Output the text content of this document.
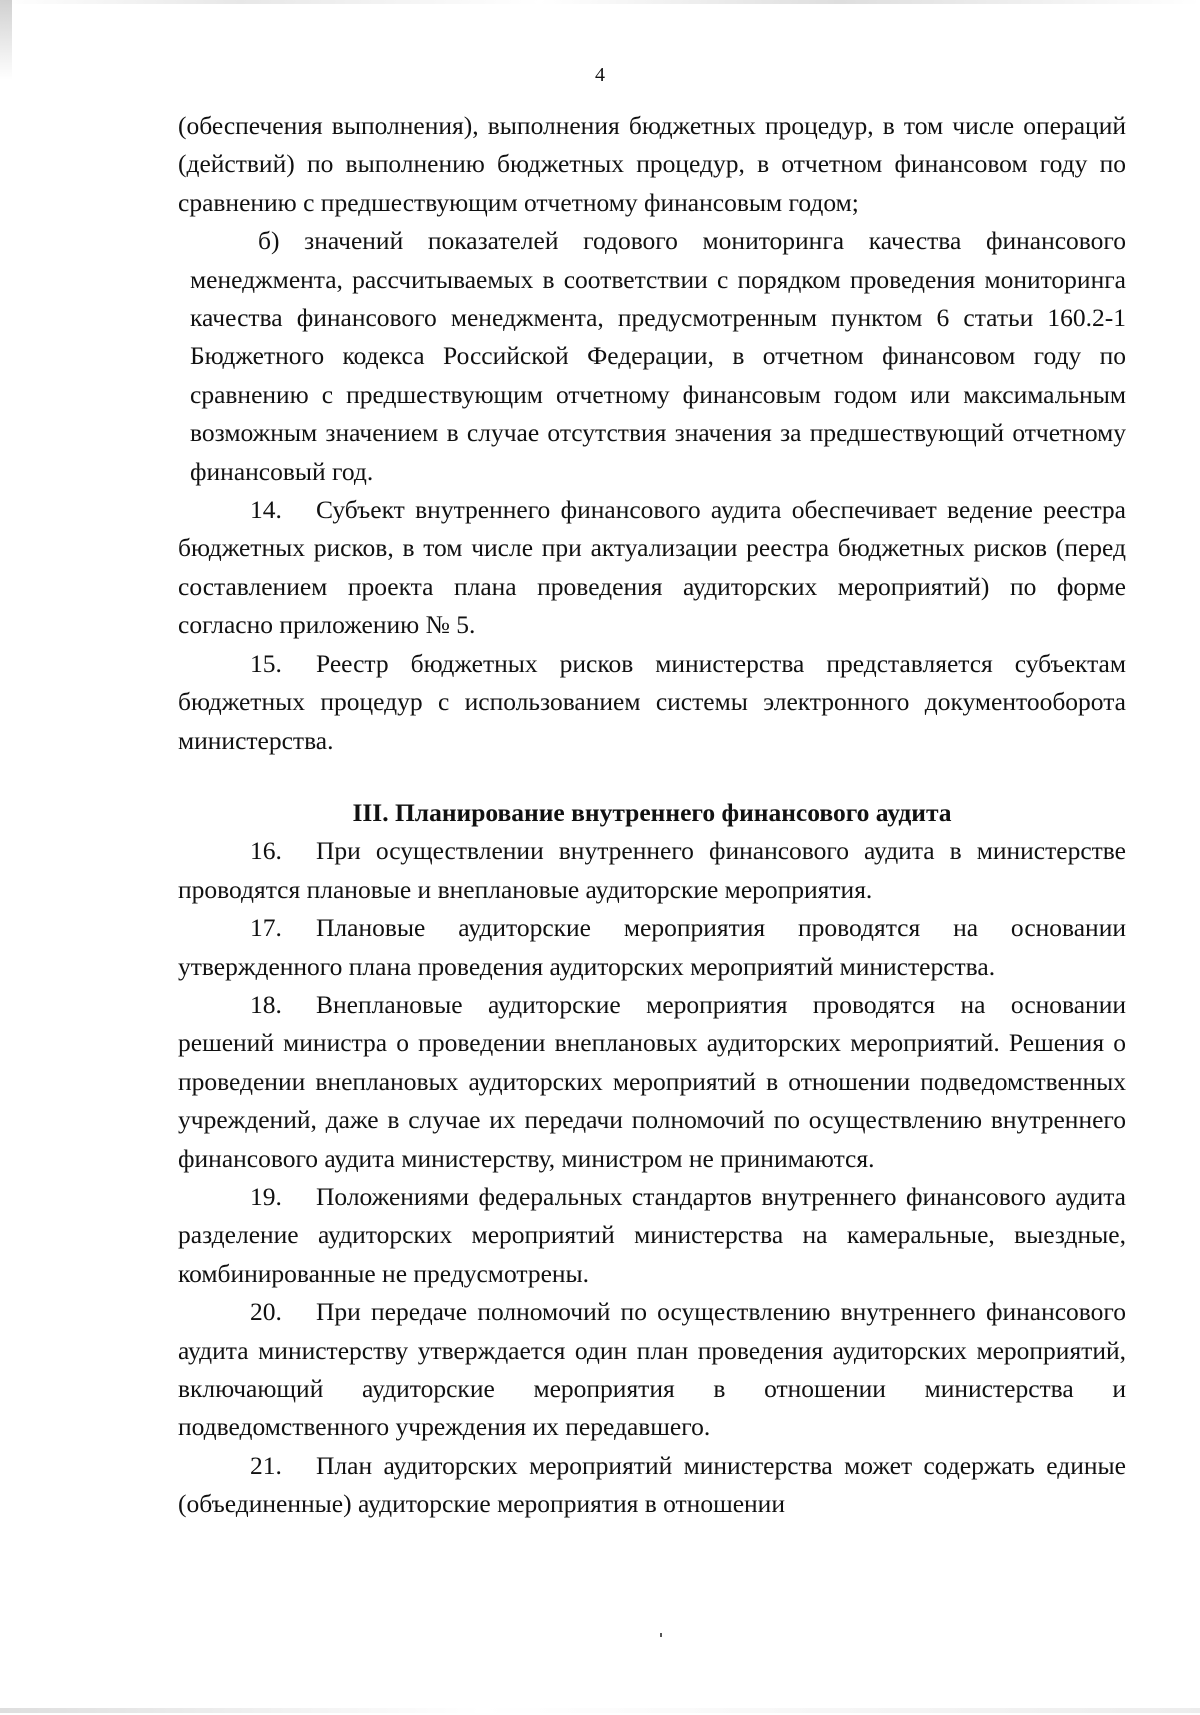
4

(обеспечения выполнения), выполнения бюджетных процедур, в том числе операций (действий) по выполнению бюджетных процедур, в отчетном финансовом году по сравнению с предшествующим отчетному финансовым годом;

б) значений показателей годового мониторинга качества финансового менеджмента, рассчитываемых в соответствии с порядком проведения мониторинга качества финансового менеджмента, предусмотренным пунктом 6 статьи 160.2-1 Бюджетного кодекса Российской Федерации, в отчетном финансовом году по сравнению с предшествующим отчетному финансовым годом или максимальным возможным значением в случае отсутствия значения за предшествующий отчетному финансовый год.

14. Субъект внутреннего финансового аудита обеспечивает ведение реестра бюджетных рисков, в том числе при актуализации реестра бюджетных рисков (перед составлением проекта плана проведения аудиторских мероприятий) по форме согласно приложению № 5.

15. Реестр бюджетных рисков министерства представляется субъектам бюджетных процедур с использованием системы электронного документооборота министерства.

III. Планирование внутреннего финансового аудита

16. При осуществлении внутреннего финансового аудита в министерстве проводятся плановые и внеплановые аудиторские мероприятия.

17. Плановые аудиторские мероприятия проводятся на основании утвержденного плана проведения аудиторских мероприятий министерства.

18. Внеплановые аудиторские мероприятия проводятся на основании решений министра о проведении внеплановых аудиторских мероприятий. Решения о проведении внеплановых аудиторских мероприятий в отношении подведомственных учреждений, даже в случае их передачи полномочий по осуществлению внутреннего финансового аудита министерству, министром не принимаются.

19. Положениями федеральных стандартов внутреннего финансового аудита разделение аудиторских мероприятий министерства на камеральные, выездные, комбинированные не предусмотрены.

20. При передаче полномочий по осуществлению внутреннего финансового аудита министерству утверждается один план проведения аудиторских мероприятий, включающий аудиторские мероприятия в отношении министерства и подведомственного учреждения их передавшего.

21. План аудиторских мероприятий министерства может содержать единые (объединенные) аудиторские мероприятия в отношении
